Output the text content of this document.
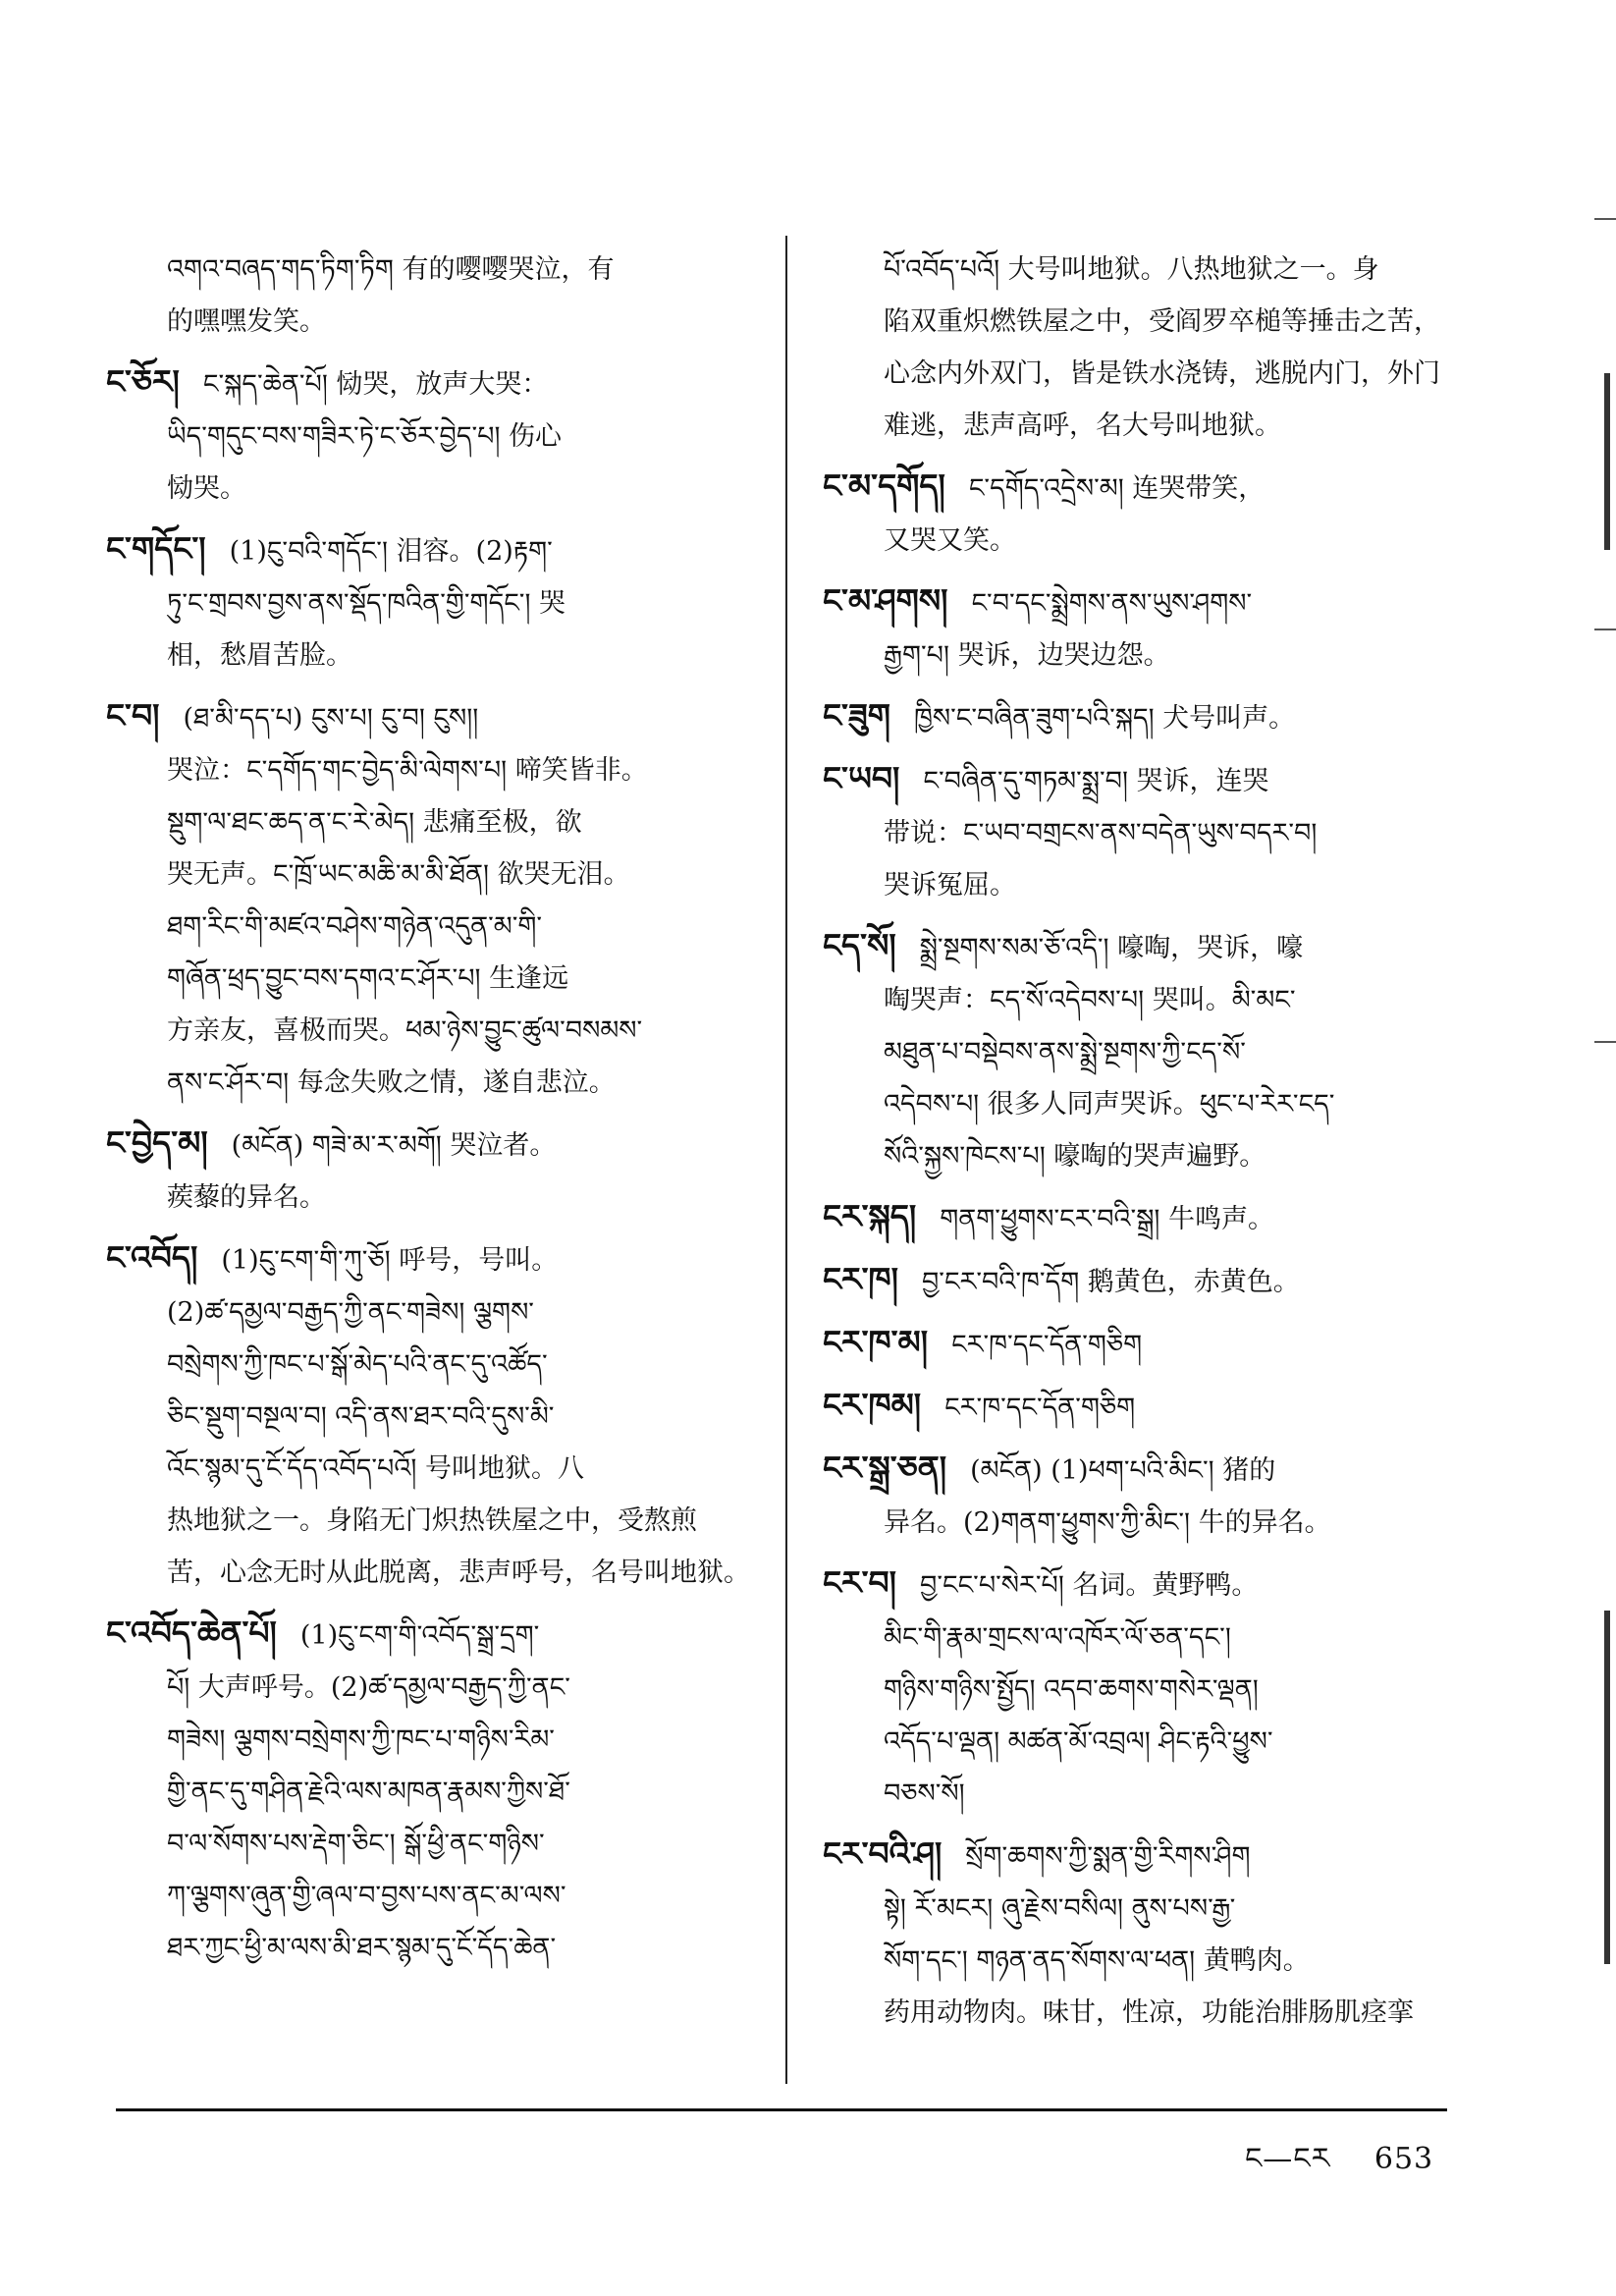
འགའ་བཞད་གད་ཏིག་ཏིག 有的嘤嘤哭泣，有
的嘿嘿发笑。
ང་ཅོར། ང་སྐད་ཆེན་པོ། 恸哭，放声大哭：
ཡིད་གདུང་བས་གཟིར་ཏེ་ང་ཅོར་བྱེད་པ། 伤心
恸哭。
ང་གདོང་། (1)ངུ་བའི་གདོང་། 泪容。(2)རྟག་
ཏུ་ང་གྲབས་བྱས་ནས་སྡོད་ཁའིན་གྱི་གདོང་། 哭
相，愁眉苦脸。
ང་བ། (ཐ་མི་དད་པ) ངུས་པ། ངུ་བ། ངུས།།
哭泣：ང་དགོད་གང་བྱེད་མི་ལེགས་པ། 啼笑皆非。
སྡུག་ལ་ཐང་ཆད་ན་ང་རེ་མེད། 悲痛至极，欲
哭无声。ང་ཁྲོ་ཡང་མཆི་མ་མི་ཐོན། 欲哭无泪。
ཐག་རིང་གི་མཛའ་བཤེས་གཉེན་འདུན་མ་གི་
གཞོན་ཕྲད་བྱུང་བས་དགའ་ང་ཤོར་པ། 生逢远
方亲友，喜极而哭。ཕམ་ཉེས་བྱུང་ཚུལ་བསམས་
ནས་ང་ཤོར་བ། 每念失败之情，遂自悲泣。
ང་བྱེད་མ། (མངོན) གཟེ་མ་ར་མགོ། 哭泣者。
蒺藜的异名。
ང་འབོད། (1)ངུ་ངག་གི་ཀུ་ཅོ། 呼号，号叫。
(2)ཚ་དམྱལ་བརྒྱད་ཀྱི་ནང་གཟེས། ལྕགས་
བསྲེགས་ཀྱི་ཁང་པ་སྒོ་མེད་པའི་ནང་དུ་འཚོད་
ཅིང་སྡུག་བསྔལ་བ། འདི་ནས་ཐར་བའི་དུས་མི་
འོང་སྙམ་དུ་ངོ་དོད་འབོད་པའོ། 号叫地狱。八
热地狱之一。身陷无门炽热铁屋之中，受熬煎
苦，心念无时从此脱离，悲声呼号，名号叫地狱。
ང་འབོད་ཆེན་པོ། (1)ངུ་ངག་གི་འབོད་སྒྲ་དྲག་
པོ། 大声呼号。(2)ཚ་དམྱལ་བརྒྱད་ཀྱི་ནང་
གཟེས། ལྕགས་བསྲེགས་ཀྱི་ཁང་པ་གཉིས་རིམ་
གྱི་ནང་དུ་གཤིན་རྗེའི་ལས་མཁན་རྣམས་ཀྱིས་ཐོ་
བ་ལ་སོགས་པས་རྡེག་ཅིང་། སྒོ་ཕྱི་ནང་གཉིས་
ཀ་ལྕགས་ཞུན་གྱི་ཞལ་བ་བྱས་པས་ནང་མ་ལས་
ཐར་ཀྱང་ཕྱི་མ་ལས་མི་ཐར་སྙམ་དུ་ངོ་དོད་ཆེན་
པོ་འབོད་པའོ། 大号叫地狱。八热地狱之一。身
陷双重炽燃铁屋之中，受阎罗卒槌等捶击之苦，
心念内外双门，皆是铁水浇铸，逃脱内门，外门
难逃，悲声高呼，名大号叫地狱。
ང་མ་དགོད། ང་དགོད་འདྲེས་མ། 连哭带笑，
又哭又笑。
ང་མ་ཤགས། ང་བ་དང་སྨྲེགས་ནས་ཡུས་ཤགས་
རྒྱག་པ། 哭诉，边哭边怨。
ང་ཟུག ཁྱིས་ང་བཞིན་ཟུག་པའི་སྐད། 犬号叫声。
ང་ཡབ། ང་བཞིན་དུ་གཏམ་སྨྲ་བ། 哭诉，连哭
带说：ང་ཡབ་བགྲངས་ནས་བདེན་ཡུས་བདར་བ།
哭诉冤屈。
ངད་སོ། སྨྲེ་སྔགས་སམ་ཅོ་འདི་། 嚎啕，哭诉，嚎
啕哭声：ངད་སོ་འདེབས་པ། 哭叫。མི་མང་
མཐུན་པ་བསྡེབས་ནས་སྨྲེ་སྔགས་ཀྱི་ངད་སོ་
འདེབས་པ། 很多人同声哭诉。ཕུང་པ་རེར་ངད་
སོའི་སྐྱས་ཁེངས་པ། 嚎啕的哭声遍野。
ངར་སྐད། གནག་ཕྱུགས་ངར་བའི་སྒྲ། 牛鸣声。
ངར་ཁ། བྱ་ངར་བའི་ཁ་དོག 鹅黄色，赤黄色。
ངར་ཁ་མ། ངར་ཁ་དང་དོན་གཅིག
ངར་ཁམ། ངར་ཁ་དང་དོན་གཅིག
ངར་སྒྲ་ཅན། (མངོན) (1)ཕག་པའི་མིང་། 猪的
异名。(2)གནག་ཕྱུགས་ཀྱི་མིང་། 牛的异名。
ངར་བ། བྱ་ངང་པ་སེར་པོ། 名词。黄野鸭。
མིང་གི་རྣམ་གྲངས་ལ་འཁོར་ལོ་ཅན་དང་།
གཉིས་གཉིས་སྤྱོད། འདབ་ཆགས་གསེར་ལྡན།
འདོད་པ་ལྡན། མཚན་མོ་འབྲལ། ཤིང་རྟའི་ཕྱུས་
བཅས་སོ།
ངར་བའི་ཤ། སྲོག་ཆགས་ཀྱི་སྨན་གྱི་རིགས་ཤིག
སྟེ། རོ་མངར། ཞུ་རྗེས་བསིལ། ནུས་པས་རྒྱ་
སོག་དང་། གཉན་ནད་སོགས་ལ་ཕན། 黄鸭肉。
药用动物肉。味甘，性凉，功能治腓肠肌痉挛
ང—ངར 653
